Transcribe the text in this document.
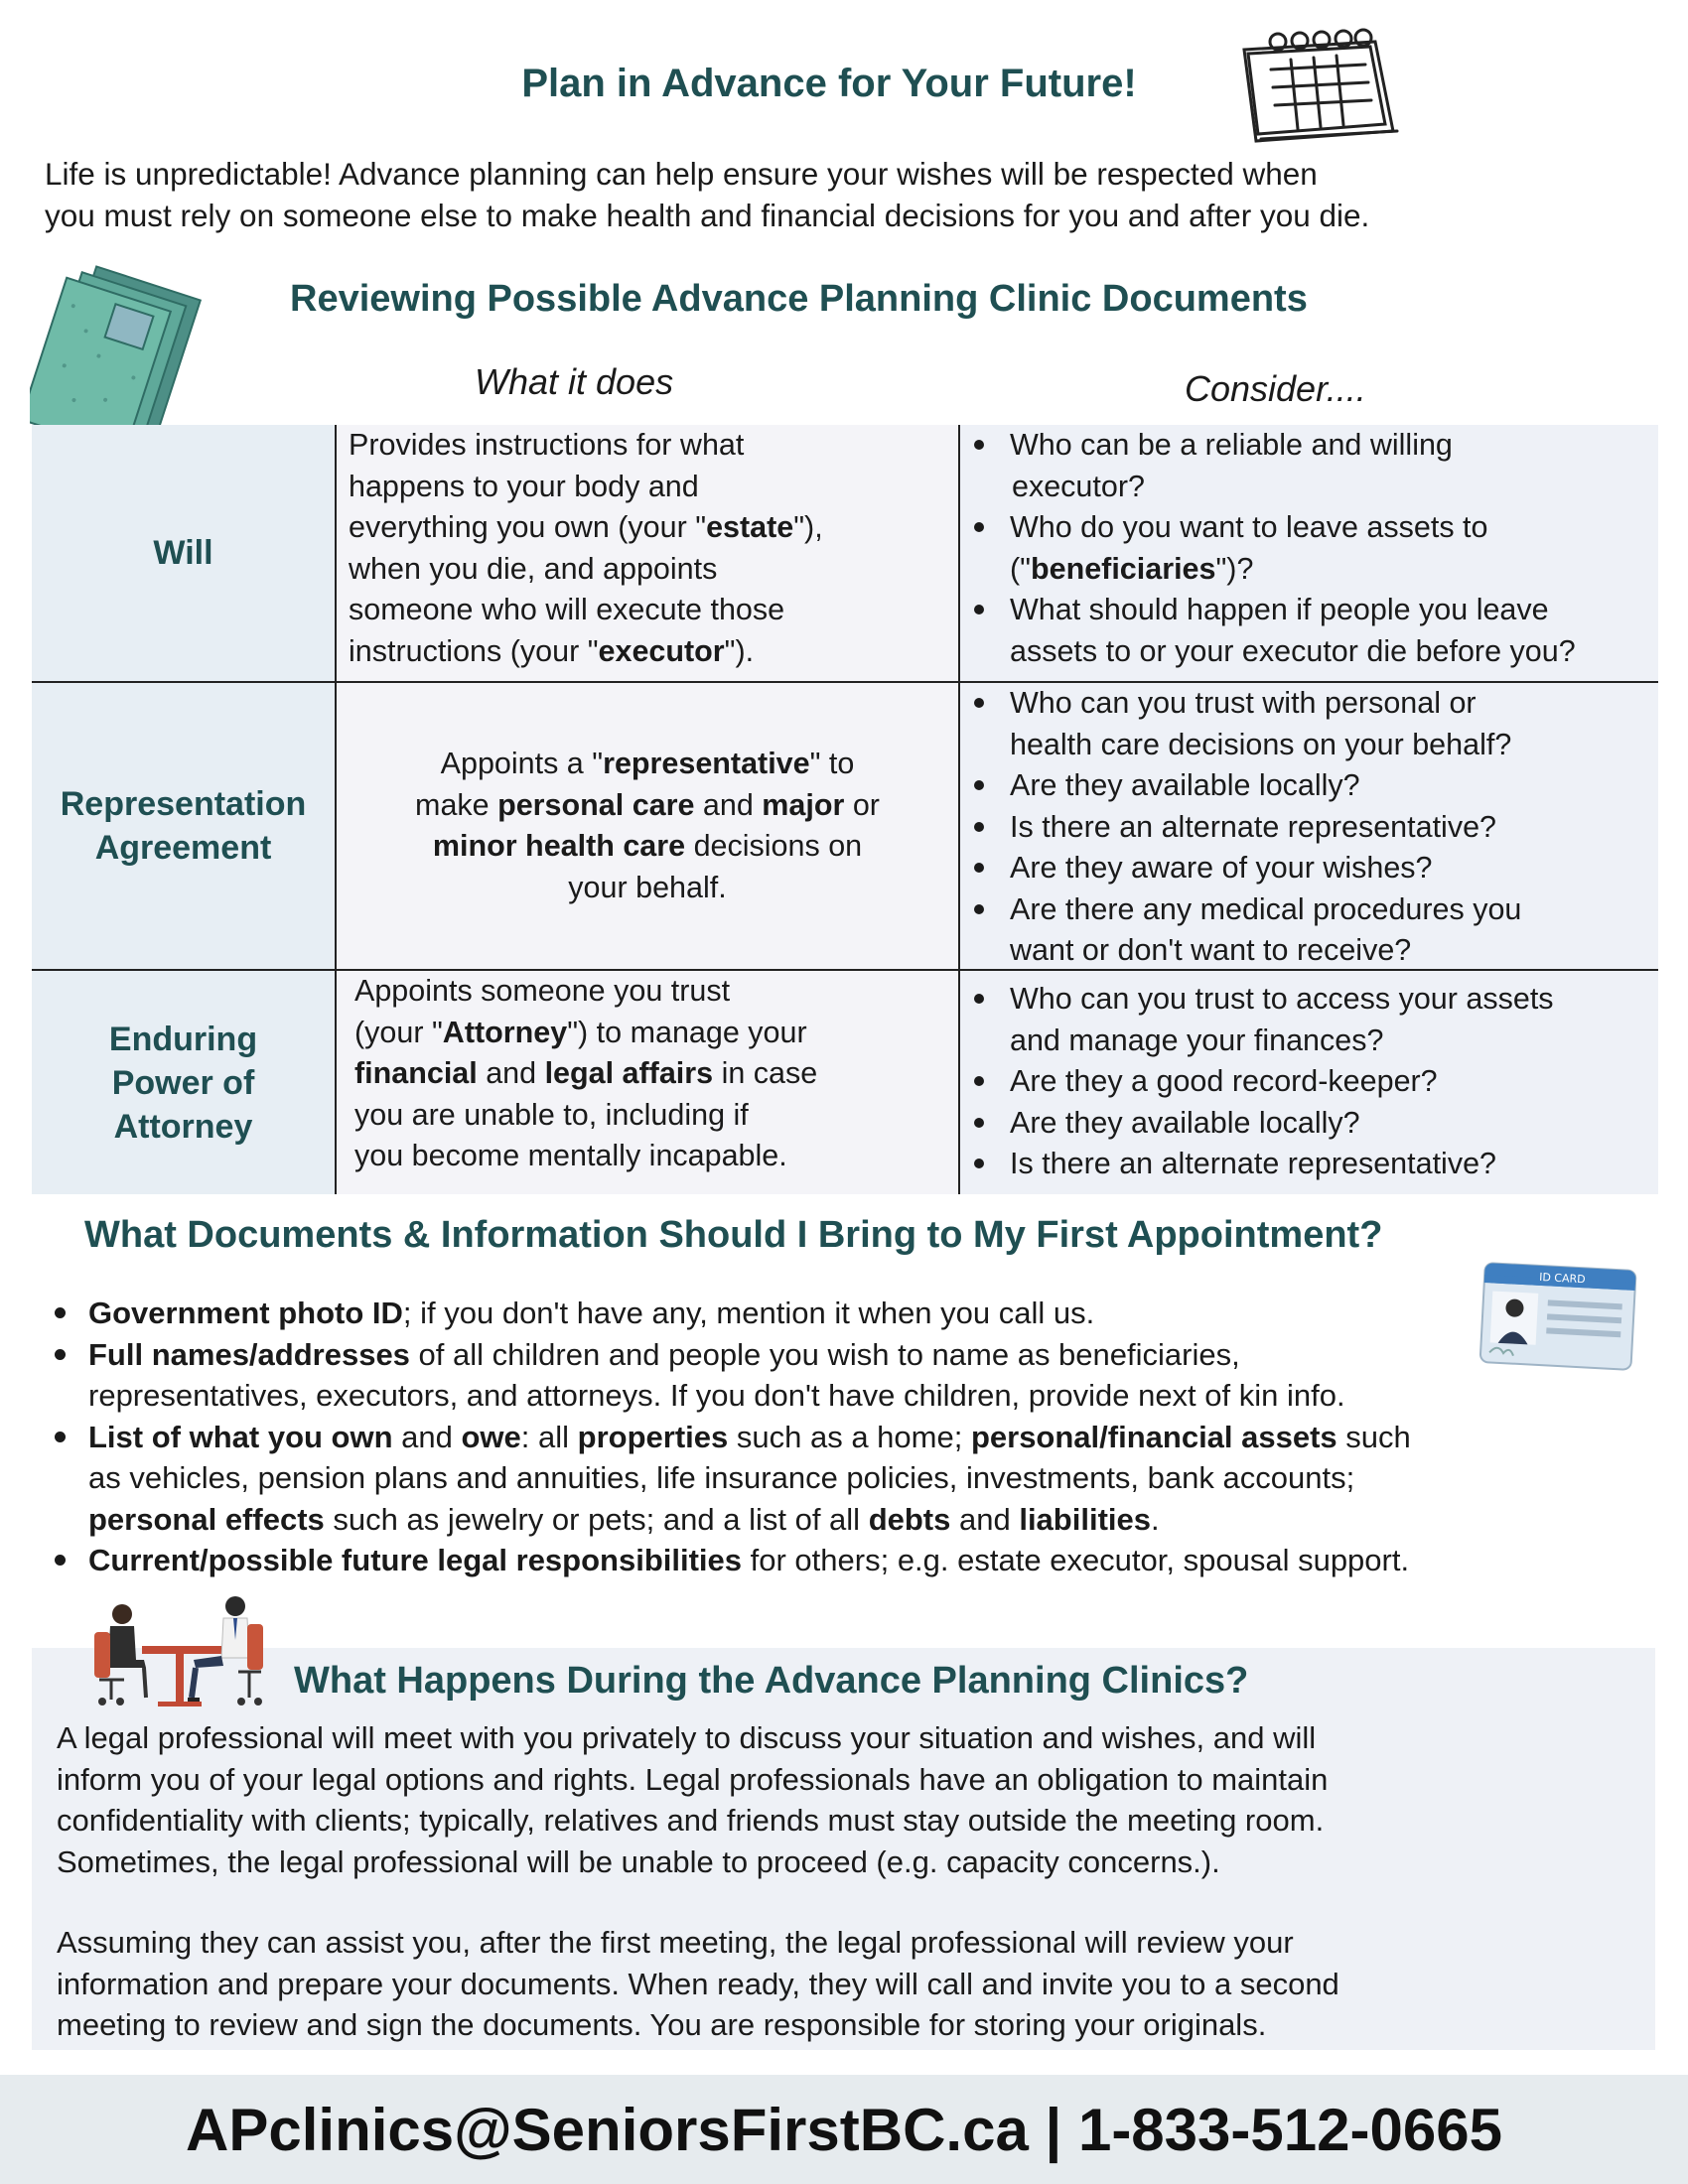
Plan in Advance for Your Future!
Life is unpredictable! Advance planning can help ensure your wishes will be respected when
you must rely on someone else to make health and financial decisions for you and after you die.
Reviewing Possible Advance Planning Clinic Documents
What it does	Consider....
Will
Provides instructions for what
happens to your body and
everything you own (your "estate"),
when you die, and appoints
someone who will execute those
instructions (your "executor").
Who can be a reliable and willing
executor?
Who do you want to leave assets to
("beneficiaries")?
What should happen if people you leave
assets to or your executor die before you?
Representation
Agreement
Appoints a "representative" to
make personal care and major or
minor health care decisions on
your behalf.
Who can you trust with personal or
health care decisions on your behalf?
Are they available locally?
Is there an alternate representative?
Are they aware of your wishes?
Are there any medical procedures you
want or don't want to receive?
Enduring
Power of
Attorney
Appoints someone you trust
(your "Attorney") to manage your
financial and legal affairs in case
you are unable to, including if
you become mentally incapable.
Who can you trust to access your assets
and manage your finances?
Are they a good record-keeper?
Are they available locally?
Is there an alternate representative?
What Documents & Information Should I Bring to My First Appointment?
ID CARD
Government photo ID; if you don't have any, mention it when you call us.
Full names/addresses of all children and people you wish to name as beneficiaries,
representatives, executors, and attorneys. If you don't have children, provide next of kin info.
List of what you own and owe: all properties such as a home; personal/financial assets such
as vehicles, pension plans and annuities, life insurance policies, investments, bank accounts;
personal effects such as jewelry or pets; and a list of all debts and liabilities.
Current/possible future legal responsibilities for others; e.g. estate executor, spousal support.
What Happens During the Advance Planning Clinics?
A legal professional will meet with you privately to discuss your situation and wishes, and will
inform you of your legal options and rights. Legal professionals have an obligation to maintain
confidentiality with clients; typically, relatives and friends must stay outside the meeting room.
Sometimes, the legal professional will be unable to proceed (e.g. capacity concerns.).
Assuming they can assist you, after the first meeting, the legal professional will review your
information and prepare your documents. When ready, they will call and invite you to a second
meeting to review and sign the documents. You are responsible for storing your originals.
APclinics@SeniorsFirstBC.ca | 1-833-512-0665
